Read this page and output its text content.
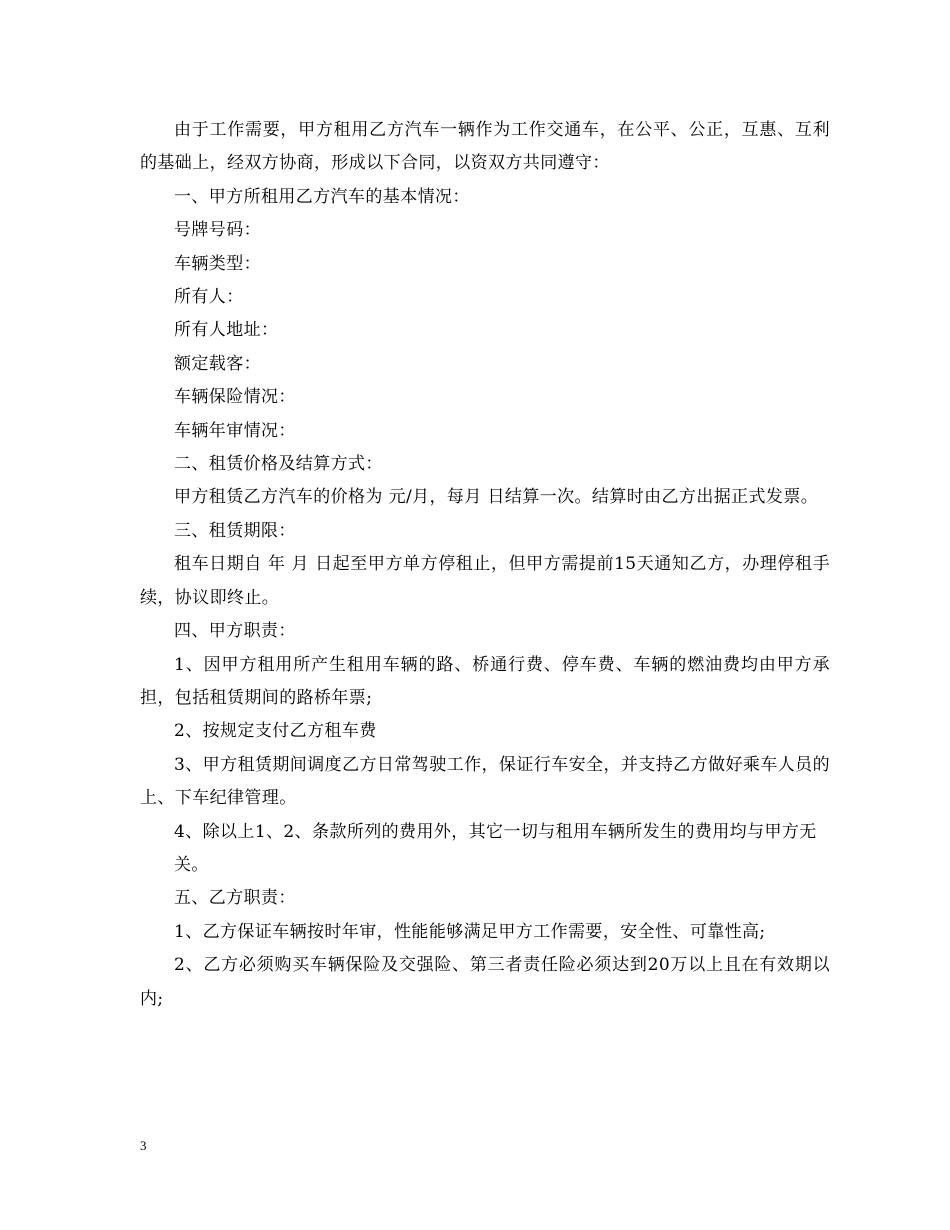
由于工作需要，甲方租用乙方汽车一辆作为工作交通车，在公平、公正，互惠、互利的基础上，经双方协商，形成以下合同，以资双方共同遵守：

一、甲方所租用乙方汽车的基本情况：

号牌号码：

车辆类型：

所有人：

所有人地址：

额定载客：

车辆保险情况：

车辆年审情况：

二、租赁价格及结算方式：

甲方租赁乙方汽车的价格为 元/月，每月 日结算一次。结算时由乙方出据正式发票。

三、租赁期限：

租车日期自 年 月 日起至甲方单方停租止，但甲方需提前15天通知乙方，办理停租手续，协议即终止。

四、甲方职责：

1、因甲方租用所产生租用车辆的路、桥通行费、停车费、车辆的燃油费均由甲方承担，包括租赁期间的路桥年票;

2、按规定支付乙方租车费

3、甲方租赁期间调度乙方日常驾驶工作，保证行车安全，并支持乙方做好乘车人员的上、下车纪律管理。

4、除以上1、2、条款所列的费用外，其它一切与租用车辆所发生的费用均与甲方无

关。

五、乙方职责：

1、乙方保证车辆按时年审，性能能够满足甲方工作需要，安全性、可靠性高;

2、乙方必须购买车辆保险及交强险、第三者责任险必须达到20万以上且在有效期以内;

3
